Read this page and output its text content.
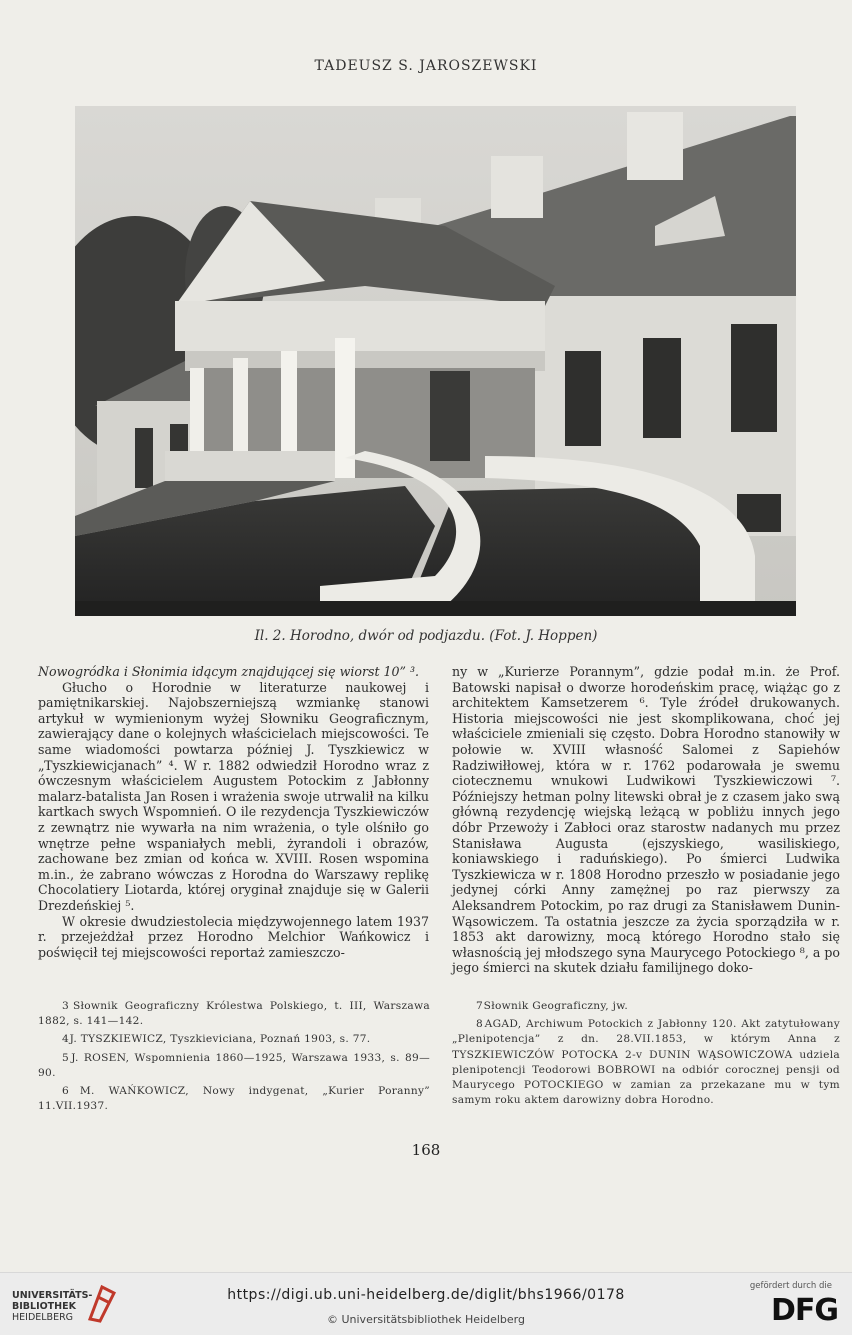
TADEUSZ S. JAROSZEWSKI
Il. 2. Horodno, dwór od podjazdu. (Fot. J. Hoppen)

Nowogródka i Słonimia idącym znajdującej się wiorst 10” ³.

Głucho o Horodnie w literaturze naukowej i pamiętnikarskiej. Najobszerniejszą wzmiankę stanowi artykuł w wymienionym wyżej Słowniku Geograficznym, zawierający dane o kolejnych właścicielach miejscowości. Te same wiadomości powtarza później J. Tyszkiewicz w „Tyszkiewicjanach” ⁴. W r. 1882 odwiedził Horodno wraz z ówczesnym właścicielem Augustem Potockim z Jabłonny malarz-batalista Jan Rosen i wrażenia swoje utrwalił na kilku kartkach swych Wspomnień. O ile rezydencja Tyszkiewiczów z zewnątrz nie wywarła na nim wrażenia, o tyle olśniło go wnętrze pełne wspaniałych mebli, żyrandoli i obrazów, zachowane bez zmian od końca w. XVIII. Rosen wspomina m.in., że zabrano wówczas z Horodna do Warszawy replikę Chocolatiery Liotarda, której oryginał znajduje się w Galerii Drezdeńskiej ⁵.

W okresie dwudziestolecia międzywojennego latem 1937 r. przejeżdżał przez Horodno Melchior Wańkowicz i poświęcił tej miejscowości reportaż zamieszczo-

ny w „Kurierze Porannym”, gdzie podał m.in. że Prof. Batowski napisał o dworze horodeńskim pracę, wiążąc go z architektem Kamsetzerem ⁶. Tyle źródeł drukowanych. Historia miejscowości nie jest skomplikowana, choć jej właściciele zmieniali się często. Dobra Horodno stanowiły w połowie w. XVIII własność Salomei z Sapiehów Radziwiłłowej, która w r. 1762 podarowała je swemu ciotecznemu wnukowi Ludwikowi Tyszkiewiczowi ⁷. Późniejszy hetman polny litewski obrał je z czasem jako swą główną rezydencję wiejską leżącą w pobliżu innych jego dóbr Przewoży i Zabłoci oraz starostw nadanych mu przez Stanisława Augusta (ejszyskiego, wasiliskiego, koniawskiego i raduńskiego). Po śmierci Ludwika Tyszkiewicza w r. 1808 Horodno przeszło w posiadanie jego jedynej córki Anny zamężnej po raz pierwszy za Aleksandrem Potockim, po raz drugi za Stanisławem Dunin-Wąsowiczem. Ta ostatnia jeszcze za życia sporządziła w r. 1853 akt darowizny, mocą którego Horodno stało się własnością jej młodszego syna Maurycego Potockiego ⁸, a po jego śmierci na skutek działu familijnego doko-

3 Słownik Geograficzny Królestwa Polskiego, t. III, Warszawa 1882, s. 141—142.
4 J. TYSZKIEWICZ, Tyszkieviciana, Poznań 1903, s. 77.
5 J. ROSEN, Wspomnienia 1860—1925, Warszawa 1933, s. 89—90.
6 M. WAŃKOWICZ, Nowy indygenat, „Kurier Poranny” 11.VII.1937.
7 Słownik Geograficzny, jw.
8 AGAD, Archiwum Potockich z Jabłonny 120. Akt zatytułowany „Plenipotencja” z dn. 28.VII.1853, w którym Anna z TYSZKIEWICZÓW POTOCKA 2-v DUNIN WĄSOWICZOWA udziela plenipotencji Teodorowi BOBROWI na odbiór corocznej pensji od Maurycego POTOCKIEGO w zamian za przekazane mu w tym samym roku aktem darowizny dobra Horodno.
168
UNIVERSITÄTS-
BIBLIOTHEK
HEIDELBERG
https://digi.ub.uni-heidelberg.de/diglit/bhs1966/0178
© Universitätsbibliothek Heidelberg
gefördert durch die
DFG
